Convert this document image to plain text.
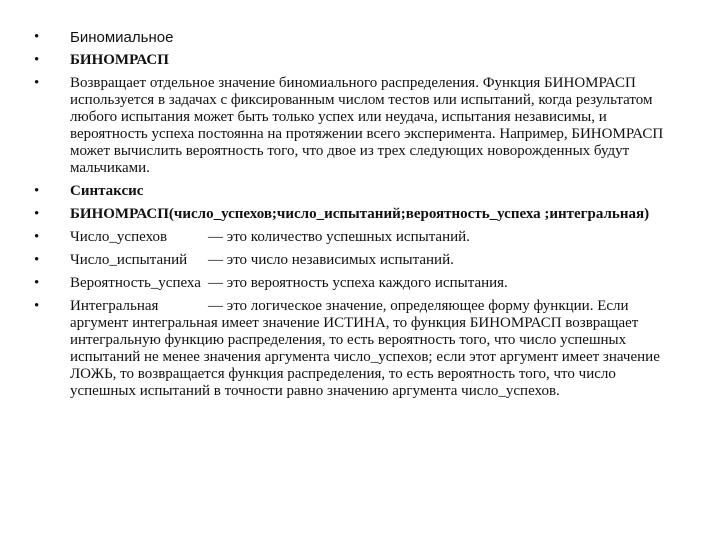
• Биномиальное
• БИНОМРАСП
• Возвращает отдельное значение биномиального распределения. Функция БИНОМРАСП используется в задачах с фиксированным числом тестов или испытаний, когда результатом любого испытания может быть только успех или неудача, испытания независимы, и вероятность успеха постоянна на протяжении всего эксперимента. Например, БИНОМРАСП может вычислить вероятность того, что двое из трех следующих новорожденных будут мальчиками.
• Синтаксис
• БИНОМРАСП(число_успехов;число_испытаний;вероятность_успеха ;интегральная)
• Число_успехов	— это количество успешных испытаний.
• Число_испытаний — это число независимых испытаний.
• Вероятность_успеха — это вероятность успеха каждого испытания.
• Интегральная	— это логическое значение, определяющее форму функции. Если аргумент интегральная имеет значение ИСТИНА, то функция БИНОМРАСП возвращает интегральную функцию распределения, то есть вероятность того, что число успешных испытаний не менее значения аргумента число_успехов; если этот аргумент имеет значение ЛОЖЬ, то возвращается функция распределения, то есть вероятность того, что число успешных испытаний в точности равно значению аргумента число_успехов.
